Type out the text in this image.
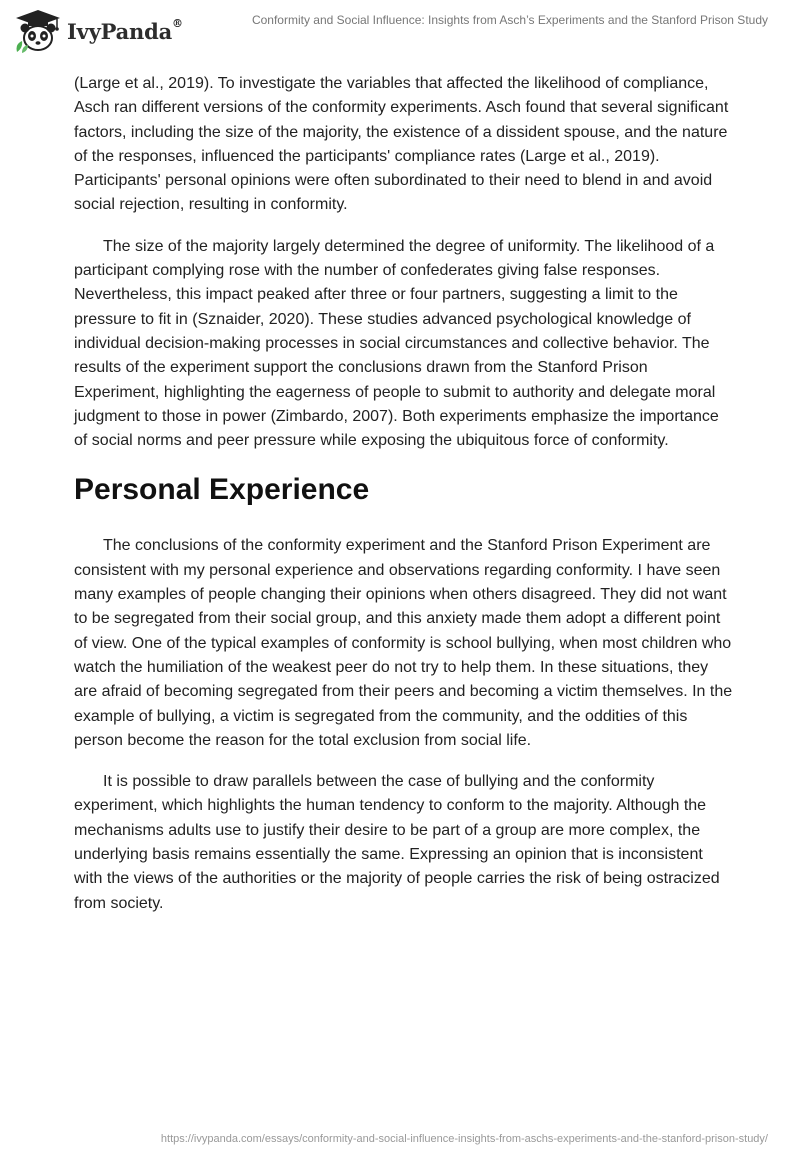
IvyPanda®	Conformity and Social Influence: Insights from Asch’s Experiments and the Stanford Prison Study

(Large et al., 2019). To investigate the variables that affected the likelihood of compliance, Asch ran different versions of the conformity experiments. Asch found that several significant factors, including the size of the majority, the existence of a dissident spouse, and the nature of the responses, influenced the participants' compliance rates (Large et al., 2019). Participants' personal opinions were often subordinated to their need to blend in and avoid social rejection, resulting in conformity.

The size of the majority largely determined the degree of uniformity. The likelihood of a participant complying rose with the number of confederates giving false responses. Nevertheless, this impact peaked after three or four partners, suggesting a limit to the pressure to fit in (Sznaider, 2020). These studies advanced psychological knowledge of individual decision-making processes in social circumstances and collective behavior. The results of the experiment support the conclusions drawn from the Stanford Prison Experiment, highlighting the eagerness of people to submit to authority and delegate moral judgment to those in power (Zimbardo, 2007). Both experiments emphasize the importance of social norms and peer pressure while exposing the ubiquitous force of conformity.

Personal Experience

The conclusions of the conformity experiment and the Stanford Prison Experiment are consistent with my personal experience and observations regarding conformity. I have seen many examples of people changing their opinions when others disagreed. They did not want to be segregated from their social group, and this anxiety made them adopt a different point of view. One of the typical examples of conformity is school bullying, when most children who watch the humiliation of the weakest peer do not try to help them. In these situations, they are afraid of becoming segregated from their peers and becoming a victim themselves. In the example of bullying, a victim is segregated from the community, and the oddities of this person become the reason for the total exclusion from social life.

It is possible to draw parallels between the case of bullying and the conformity experiment, which highlights the human tendency to conform to the majority. Although the mechanisms adults use to justify their desire to be part of a group are more complex, the underlying basis remains essentially the same. Expressing an opinion that is inconsistent with the views of the authorities or the majority of people carries the risk of being ostracized from society.

https://ivypanda.com/essays/conformity-and-social-influence-insights-from-aschs-experiments-and-the-stanford-prison-study/
